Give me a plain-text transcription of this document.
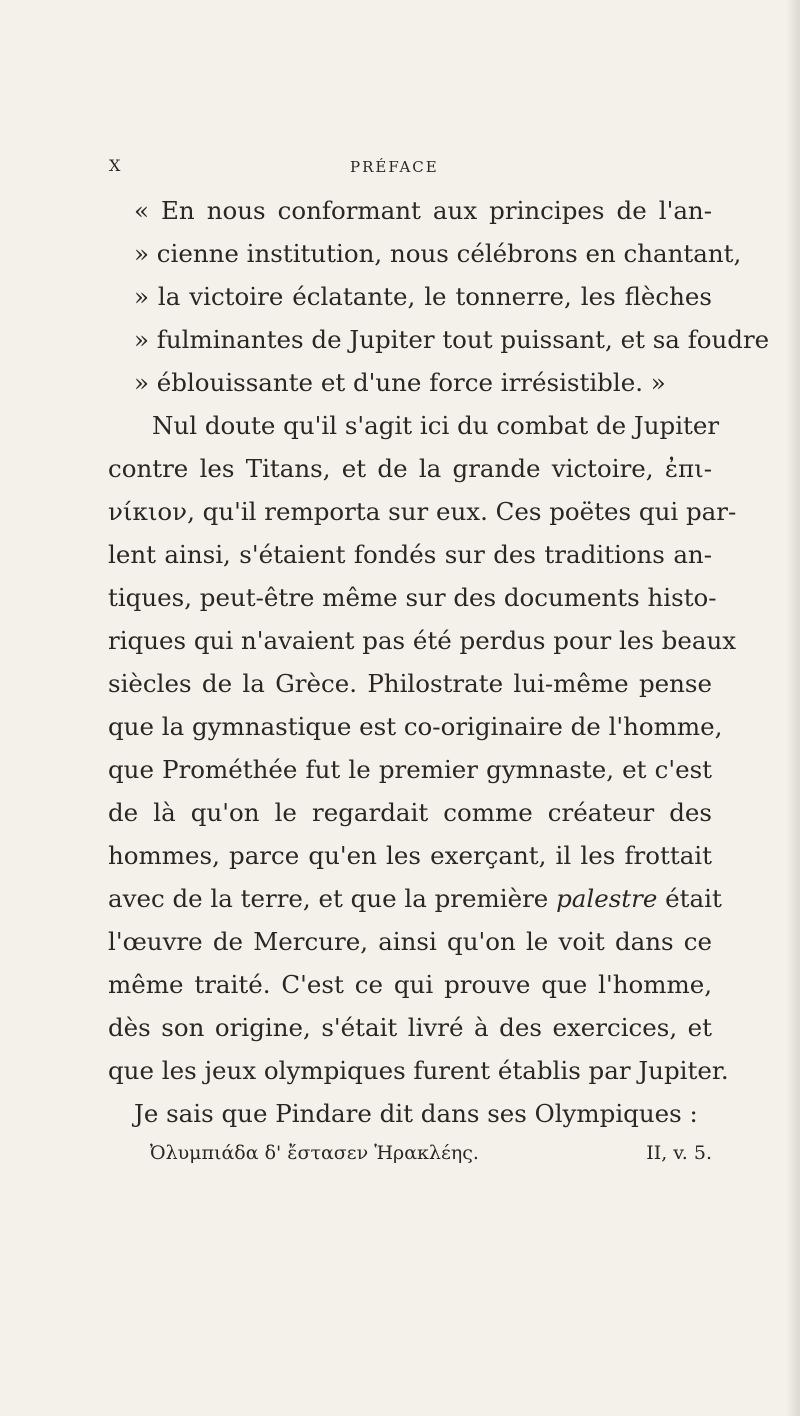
X	PRÉFACE
« En nous conformant aux principes de l'an-
» cienne institution, nous célébrons en chantant,
» la victoire éclatante, le tonnerre, les flèches
» fulminantes de Jupiter tout puissant, et sa foudre
» éblouissante et d'une force irrésistible. »
Nul doute qu'il s'agit ici du combat de Jupiter
contre les Titans, et de la grande victoire, ἐπι-
νίκιον, qu'il remporta sur eux. Ces poëtes qui par-
lent ainsi, s'étaient fondés sur des traditions an-
tiques, peut-être même sur des documents histo-
riques qui n'avaient pas été perdus pour les beaux
siècles de la Grèce. Philostrate lui-même pense
que la gymnastique est co-originaire de l'homme,
que Prométhée fut le premier gymnaste, et c'est
de là qu'on le regardait comme créateur des
hommes, parce qu'en les exerçant, il les frottait
avec de la terre, et que la première palestre était
l'œuvre de Mercure, ainsi qu'on le voit dans ce
même traité. C'est ce qui prouve que l'homme,
dès son origine, s'était livré à des exercices, et
que les jeux olympiques furent établis par Jupiter.
Je sais que Pindare dit dans ses Olympiques :
Ὀλυμπιάδα δ' ἔστασεν Ἡρακλέης.	II, v. 5.
